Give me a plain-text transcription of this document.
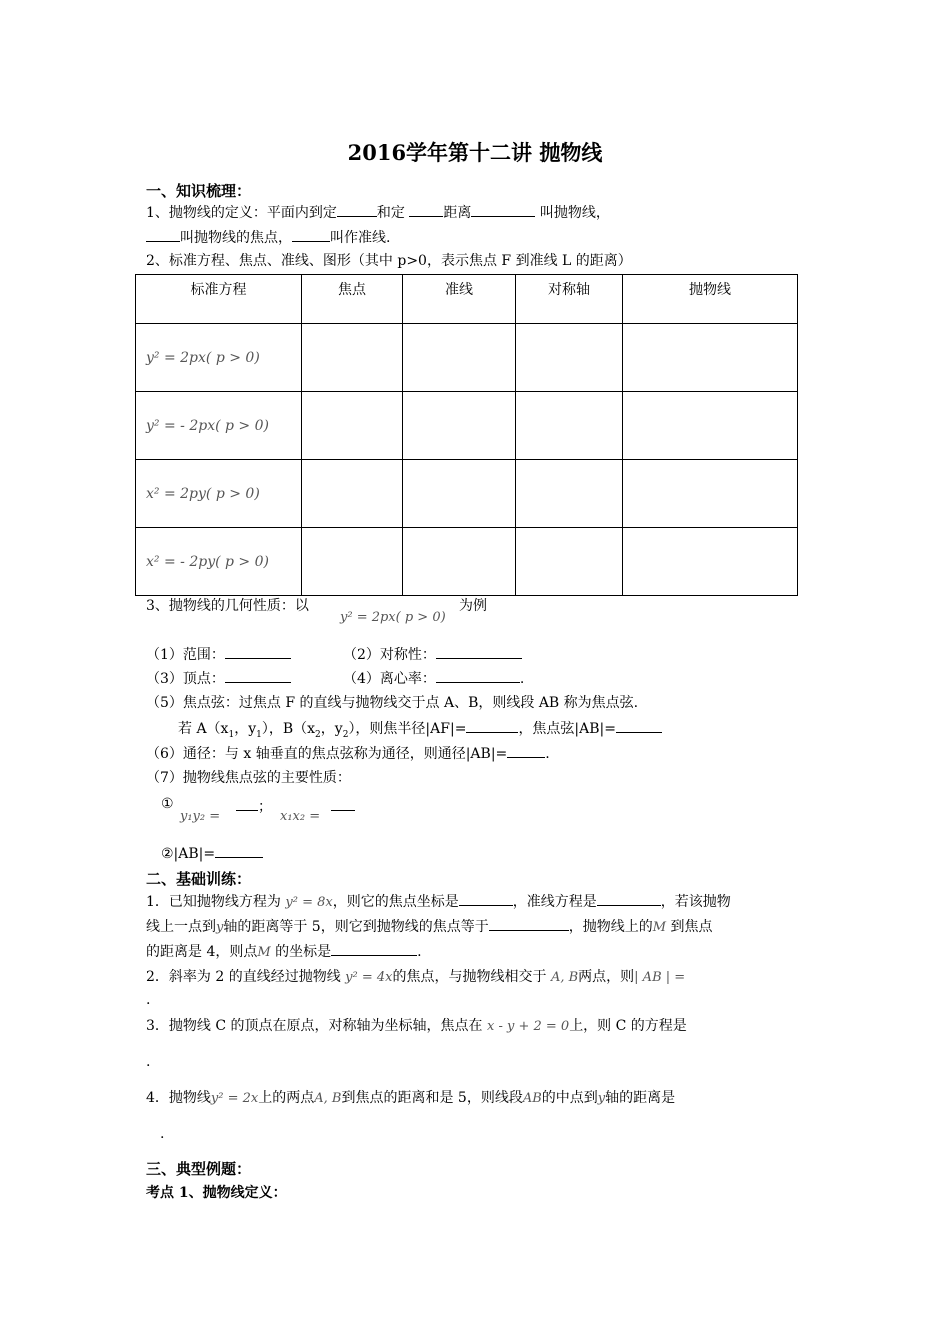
2016学年第十二讲 抛物线
一、知识梳理：
1、抛物线的定义：平面内到定	和定	距离	叫抛物线，
叫抛物线的焦点，	叫作准线.
2、标准方程、焦点、准线、图形（其中 p>0，表示焦点 F 到准线 L 的距离）
标准方程	焦点	准线	对称轴	抛物线
y² = 2px( p > 0)				
y² = - 2px( p > 0)				
x² = 2py( p > 0)				
x² = - 2py( p > 0)				
3、抛物线的几何性质：以
y² = 2px( p > 0)
为例
（1）范围：	（2）对称性：
（3）顶点：	（4）离心率：	.
（5）焦点弦：过焦点 F 的直线与抛物线交于点 A、B，则线段 AB 称为焦点弦.
若 $A(x_1$，$y_1$），$B(x_2$，$y_2$），则焦半径|AF|=	，焦点弦|AB|=
（6）通径：与 x 轴垂直的焦点弦称为通径，则通径|AB|=	.
（7）抛物线焦点弦的主要性质：
①
y₁y₂ =
；
x₁x₂ =
②|AB|=
二、基础训练：
1．已知抛物线方程为 y² = 8x，则它的焦点坐标是	，准线方程是	，若该抛物
线上一点到y轴的距离等于 5，则它到抛物线的焦点等于	，抛物线上的M 到焦点
的距离是 4，则点M 的坐标是	.
2．斜率为 2 的直线经过抛物线 y² = 4x的焦点，与抛物线相交于 A, B两点，则| AB | =
.
3．抛物线 C 的顶点在原点，对称轴为坐标轴，焦点在 x - y + 2 = 0上，则 C 的方程是
.
4．抛物线y² = 2x上的两点A, B到焦点的距离和是 5，则线段AB的中点到y轴的距离是
.
三、典型例题：
考点 1、抛物线定义：
